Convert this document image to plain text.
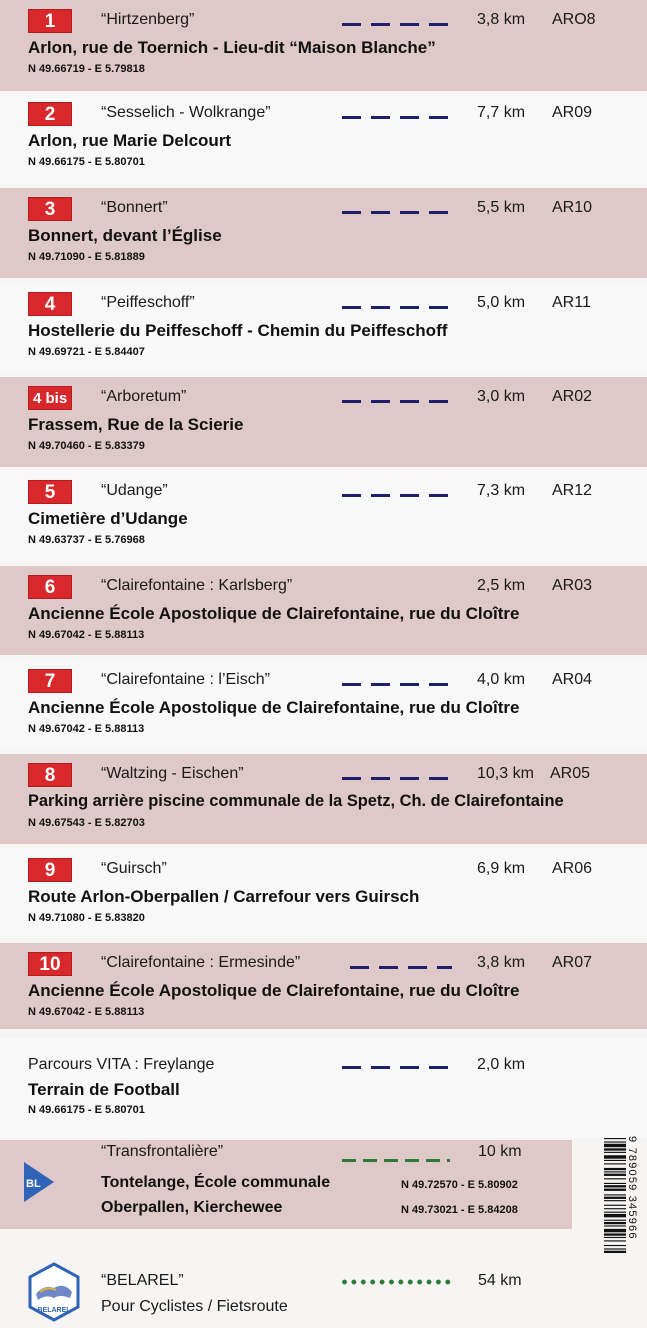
1	“Hirtzenberg”	3,8 km ARO8
Arlon, rue de Toernich - Lieu-dit “Maison Blanche”
N 49.66719 - E 5.79818
2	“Sesselich - Wolkrange”	7,7 km AR09
Arlon, rue Marie Delcourt
N 49.66175 - E 5.80701
3	“Bonnert”	5,5 km AR10
Bonnert, devant l’Église
N 49.71090 - E 5.81889
4	“Peiffeschoff”	5,0 km AR11
Hostellerie du Peiffeschoff - Chemin du Peiffeschoff
N 49.69721 - E 5.84407
4 bis	“Arboretum”	3,0 km AR02
Frassem, Rue de la Scierie
N 49.70460 - E 5.83379
5	“Udange”	7,3 km AR12
Cimetière d’Udange
N 49.63737 - E 5.76968
6	“Clairefontaine : Karlsberg”	2,5 km AR03
Ancienne École Apostolique de Clairefontaine, rue du Cloître
N 49.67042 - E 5.88113
7	“Clairefontaine : l’Eisch”	4,0 km AR04
Ancienne École Apostolique de Clairefontaine, rue du Cloître
N 49.67042 - E 5.88113
8	“Waltzing - Eischen”	10,3 km AR05
Parking arrière piscine communale de la Spetz, Ch. de Clairefontaine
N 49.67543 - E 5.82703
9	“Guirsch”	6,9 km AR06
Route Arlon-Oberpallen / Carrefour vers Guirsch
N 49.71080 - E 5.83820
10	“Clairefontaine : Ermesinde”	3,8 km AR07
Ancienne École Apostolique de Clairefontaine, rue du Cloître
N 49.67042 - E 5.88113
Parcours VITA : Freylange	2,0 km
Terrain de Football
N 49.66175 - E 5.80701
BL
“Transfrontalière”	10 km
Tontelange, École communale	N 49.72570 - E 5.80902
Oberpallen, Kierchewee	N 49.73021 - E 5.84208
BELAREL
“BELAREL”	54 km
Pour Cyclistes / Fietsroute
9 789059 345966
